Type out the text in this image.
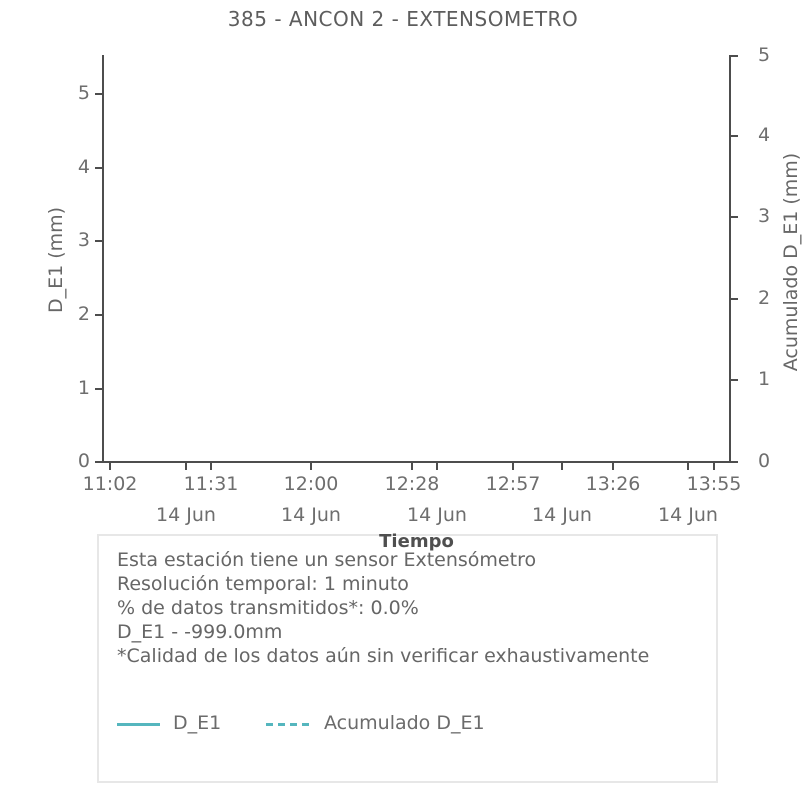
385 - ANCON 2 - EXTENSOMETRO
0
1
2
3
4
5
0
1
2
3
4
5
11:02	11:31	12:00	12:28	12:57	13:26	13:55
14 Jun	14 Jun	14 Jun	14 Jun	14 Jun
D_E1 (mm)	Acumulado D_E1 (mm)
Tiempo
Esta estación tiene un sensor Extensómetro
Resolución temporal: 1 minuto
% de datos transmitidos*: 0.0%
D_E1 - -999.0mm
*Calidad de los datos aún sin verificar exhaustivamente
D_E1	Acumulado D_E1
